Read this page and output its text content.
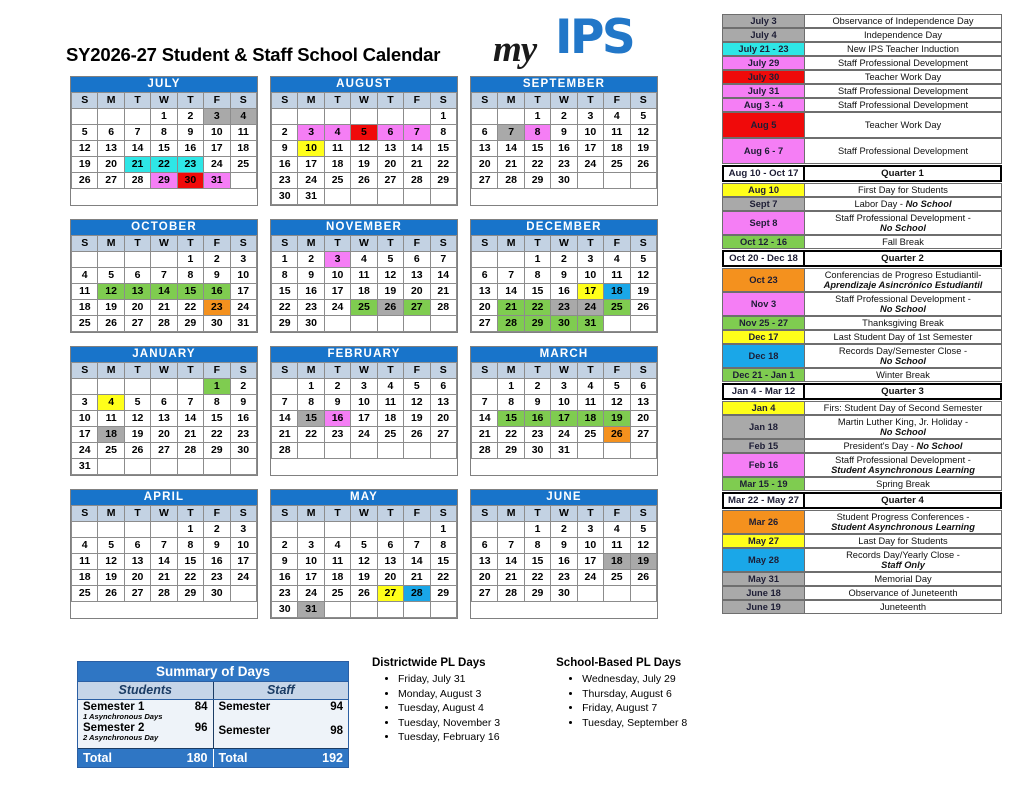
SY2026-27 Student & Staff School Calendar my IPS
JULY
S	M	T	W	T	F	S
			1	2	3	4
5	6	7	8	9	10	11
12	13	14	15	16	17	18
19	20	21	22	23	24	25
26	27	28	29	30	31	
AUGUST
S	M	T	W	T	F	S
						1
2	3	4	5	6	7	8
9	10	11	12	13	14	15
16	17	18	19	20	21	22
23	24	25	26	27	28	29
30	31					
SEPTEMBER
S	M	T	W	T	F	S
		1	2	3	4	5
6	7	8	9	10	11	12
13	14	15	16	17	18	19
20	21	22	23	24	25	26
27	28	29	30			
OCTOBER
S	M	T	W	T	F	S
				1	2	3
4	5	6	7	8	9	10
11	12	13	14	15	16	17
18	19	20	21	22	23	24
25	26	27	28	29	30	31
NOVEMBER
S	M	T	W	T	F	S
1	2	3	4	5	6	7
8	9	10	11	12	13	14
15	16	17	18	19	20	21
22	23	24	25	26	27	28
29	30					
DECEMBER
S	M	T	W	T	F	S
		1	2	3	4	5
6	7	8	9	10	11	12
13	14	15	16	17	18	19
20	21	22	23	24	25	26
27	28	29	30	31		
JANUARY
S	M	T	W	T	F	S
					1	2
3	4	5	6	7	8	9
10	11	12	13	14	15	16
17	18	19	20	21	22	23
24	25	26	27	28	29	30
31						
FEBRUARY
S	M	T	W	T	F	S
	1	2	3	4	5	6
7	8	9	10	11	12	13
14	15	16	17	18	19	20
21	22	23	24	25	26	27
28						
MARCH
S	M	T	W	T	F	S
	1	2	3	4	5	6
7	8	9	10	11	12	13
14	15	16	17	18	19	20
21	22	23	24	25	26	27
28	29	30	31			
APRIL
S	M	T	W	T	F	S
				1	2	3
4	5	6	7	8	9	10
11	12	13	14	15	16	17
18	19	20	21	22	23	24
25	26	27	28	29	30	
MAY
S	M	T	W	T	F	S
						1
2	3	4	5	6	7	8
9	10	11	12	13	14	15
16	17	18	19	20	21	22
23	24	25	26	27	28	29
30	31					
JUNE
S	M	T	W	T	F	S
		1	2	3	4	5
6	7	8	9	10	11	12
13	14	15	16	17	18	19
20	21	22	23	24	25	26
27	28	29	30			
Summary of Days
Students	Staff
Semester 1	84
1 Asynchronous Days
Semester 2	96
2 Asynchronous Day
Semester	94
Semester	98
Total	180 Total	192
Districtwide PL Days
• Friday, July 31
• Monday, August 3
• Tuesday, August 4
• Tuesday, November 3
• Tuesday, February 16
School-Based PL Days
• Wednesday, July 29
• Thursday, August 6
• Friday, August 7
• Tuesday, September 8
July 3	Observance of Independence Day
July 4	Independence Day
July 21 - 23	New IPS Teacher Induction
July 29	Staff Professional Development
July 30	Teacher Work Day
July 31	Staff Professional Development
Aug 3 - 4	Staff Professional Development
Aug 5	Teacher Work Day
Aug 6 - 7	Staff Professional Development
Aug 10 - Oct 17	Quarter 1
Aug 10	First Day for Students
Sept 7	Labor Day - No School
Sept 8	Staff Professional Development -
No School
Oct 12 - 16	Fall Break
Oct 20 - Dec 18	Quarter 2
Oct 23	Conferencias de Progreso Estudiantil-
Aprendizaje Asincrónico Estudiantil
Nov 3	Staff Professional Development -
No School
Nov 25 - 27	Thanksgiving Break
Dec 17	Last Student Day of 1st Semester
Dec 18	Records Day/Semester Close -
No School
Dec 21 - Jan 1	Winter Break
Jan 4 - Mar 12	Quarter 3
Jan 4	Firs: Student Day of Second Semester
Jan 18	Martin Luther King, Jr. Holiday -
No School
Feb 15	President's Day - No School
Feb 16	Staff Professional Development -
Student Asynchronous Learning
Mar 15 - 19	Spring Break
Mar 22 - May 27	Quarter 4
Mar 26	Student Progress Conferences -
Student Asynchronous Learning
May 27	Last Day for Students
May 28	Records Day/Yearly Close -
Staff Only
May 31	Memorial Day
June 18	Observance of Juneteenth
June 19	Juneteenth
